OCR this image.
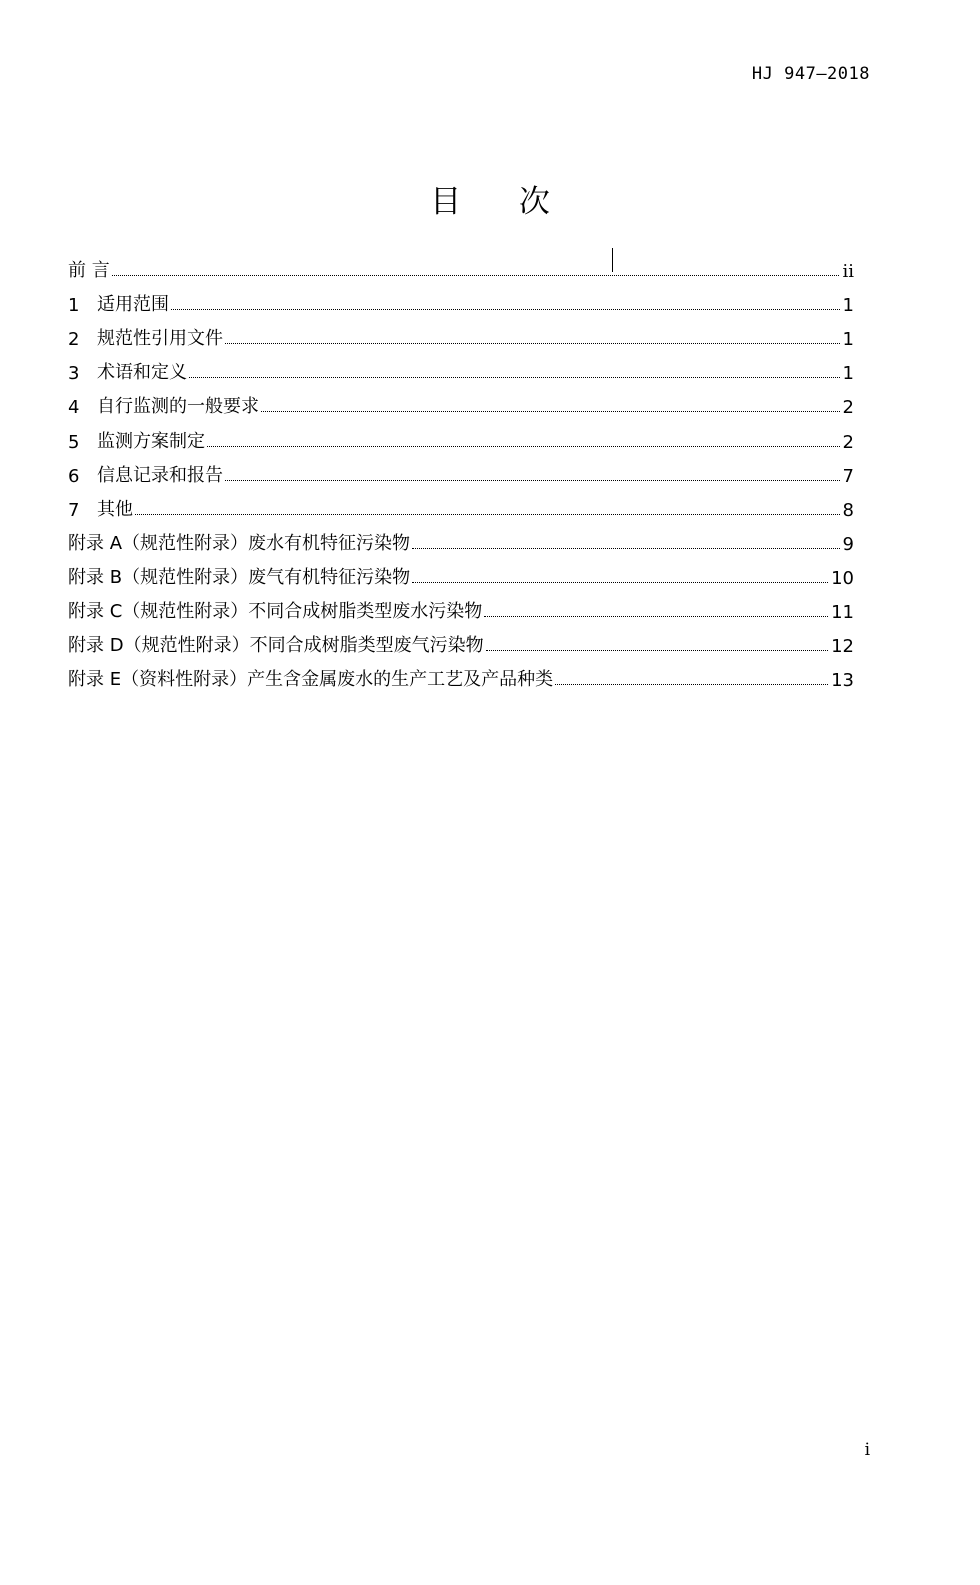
HJ 947—2018
目 次
前 言	ii
1 适用范围	1
2 规范性引用文件	1
3 术语和定义	1
4 自行监测的一般要求	2
5 监测方案制定	2
6 信息记录和报告	7
7 其他	8
附录 A（规范性附录）废水有机特征污染物	9
附录 B（规范性附录）废气有机特征污染物	10
附录 C（规范性附录）不同合成树脂类型废水污染物	11
附录 D（规范性附录）不同合成树脂类型废气污染物	12
附录 E（资料性附录）产生含金属废水的生产工艺及产品种类	13
i
